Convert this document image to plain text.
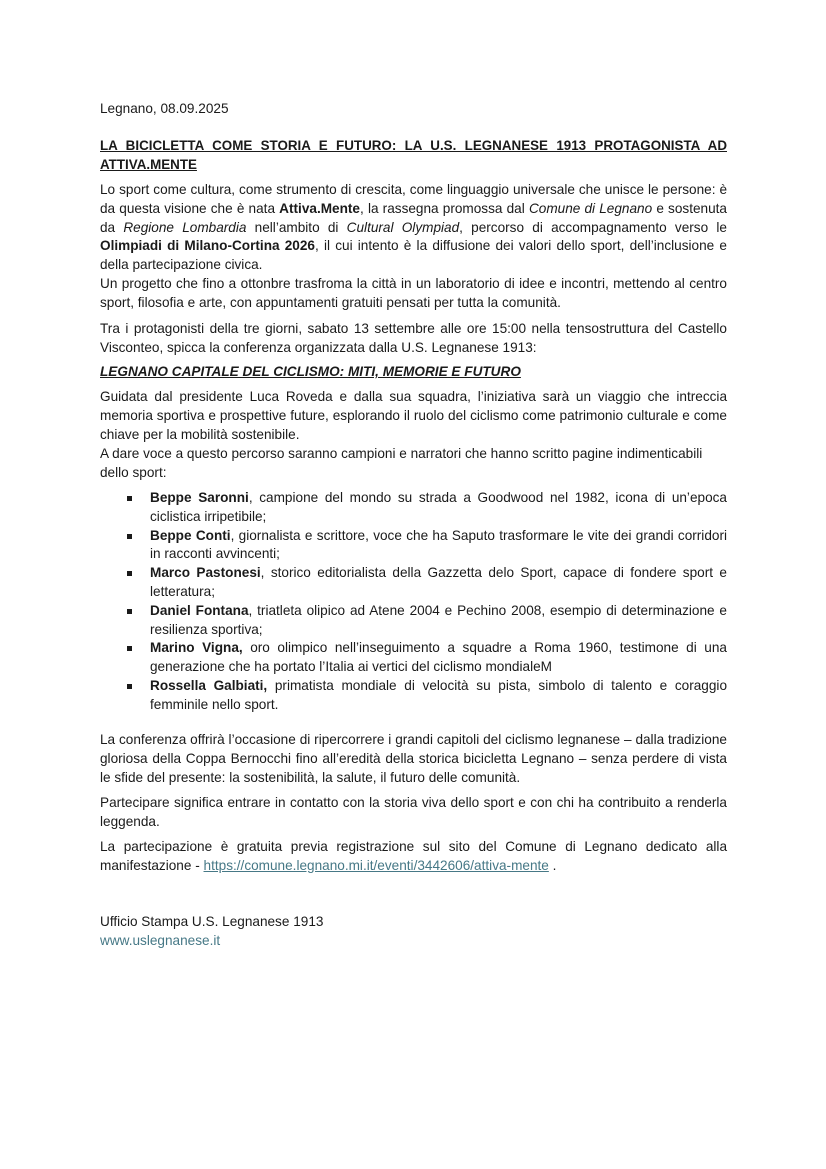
Legnano, 08.09.2025
LA BICICLETTA COME STORIA E FUTURO: LA U.S. LEGNANESE 1913 PROTAGONISTA AD ATTIVA.MENTE

Lo sport come cultura, come strumento di crescita, come linguaggio universale che unisce le persone: è da questa visione che è nata Attiva.Mente, la rassegna promossa dal Comune di Legnano e sostenuta da Regione Lombardia nell’ambito di Cultural Olympiad, percorso di accompagnamento verso le Olimpiadi di Milano-Cortina 2026, il cui intento è la diffusione dei valori dello sport, dell’inclusione e della partecipazione civica.

Un progetto che fino a ottonbre trasfroma la città in un laboratorio di idee e incontri, mettendo al centro sport, filosofia e arte, con appuntamenti gratuiti pensati per tutta la comunità.

Tra i protagonisti della tre giorni, sabato 13 settembre alle ore 15:00 nella tensostruttura del Castello Visconteo, spicca la conferenza organizzata dalla U.S. Legnanese 1913:

LEGNANO CAPITALE DEL CICLISMO: MITI, MEMORIE E FUTURO

Guidata dal presidente Luca Roveda e dalla sua squadra, l’iniziativa sarà un viaggio che intreccia memoria sportiva e prospettive future, esplorando il ruolo del ciclismo come patrimonio culturale e come chiave per la mobilità sostenibile.

A dare voce a questo percorso saranno campioni e narratori che hanno scritto pagine indimenticabili dello sport:

Beppe Saronni, campione del mondo su strada a Goodwood nel 1982, icona di un’epoca ciclistica irripetibile;
Beppe Conti, giornalista e scrittore, voce che ha Saputo trasformare le vite dei grandi corridori in racconti avvincenti;
Marco Pastonesi, storico editorialista della Gazzetta delo Sport, capace di fondere sport e letteratura;
Daniel Fontana, triatleta olipico ad Atene 2004 e Pechino 2008, esempio di determinazione e resilienza sportiva;
Marino Vigna, oro olimpico nell’inseguimento a squadre a Roma 1960, testimone di una generazione che ha portato l’Italia ai vertici del ciclismo mondialeM
Rossella Galbiati, primatista mondiale di velocità su pista, simbolo di talento e coraggio femminile nello sport.

La conferenza offrirà l’occasione di ripercorrere i grandi capitoli del ciclismo legnanese – dalla tradizione gloriosa della Coppa Bernocchi fino all’eredità della storica bicicletta Legnano – senza perdere di vista le sfide del presente: la sostenibilità, la salute, il futuro delle comunità.

Partecipare significa entrare in contatto con la storia viva dello sport e con chi ha contribuito a renderla leggenda.

La partecipazione è gratuita previa registrazione sul sito del Comune di Legnano dedicato alla manifestazione - https://comune.legnano.mi.it/eventi/3442606/attiva-mente .

Ufficio Stampa U.S. Legnanese 1913
www.uslegnanese.it
